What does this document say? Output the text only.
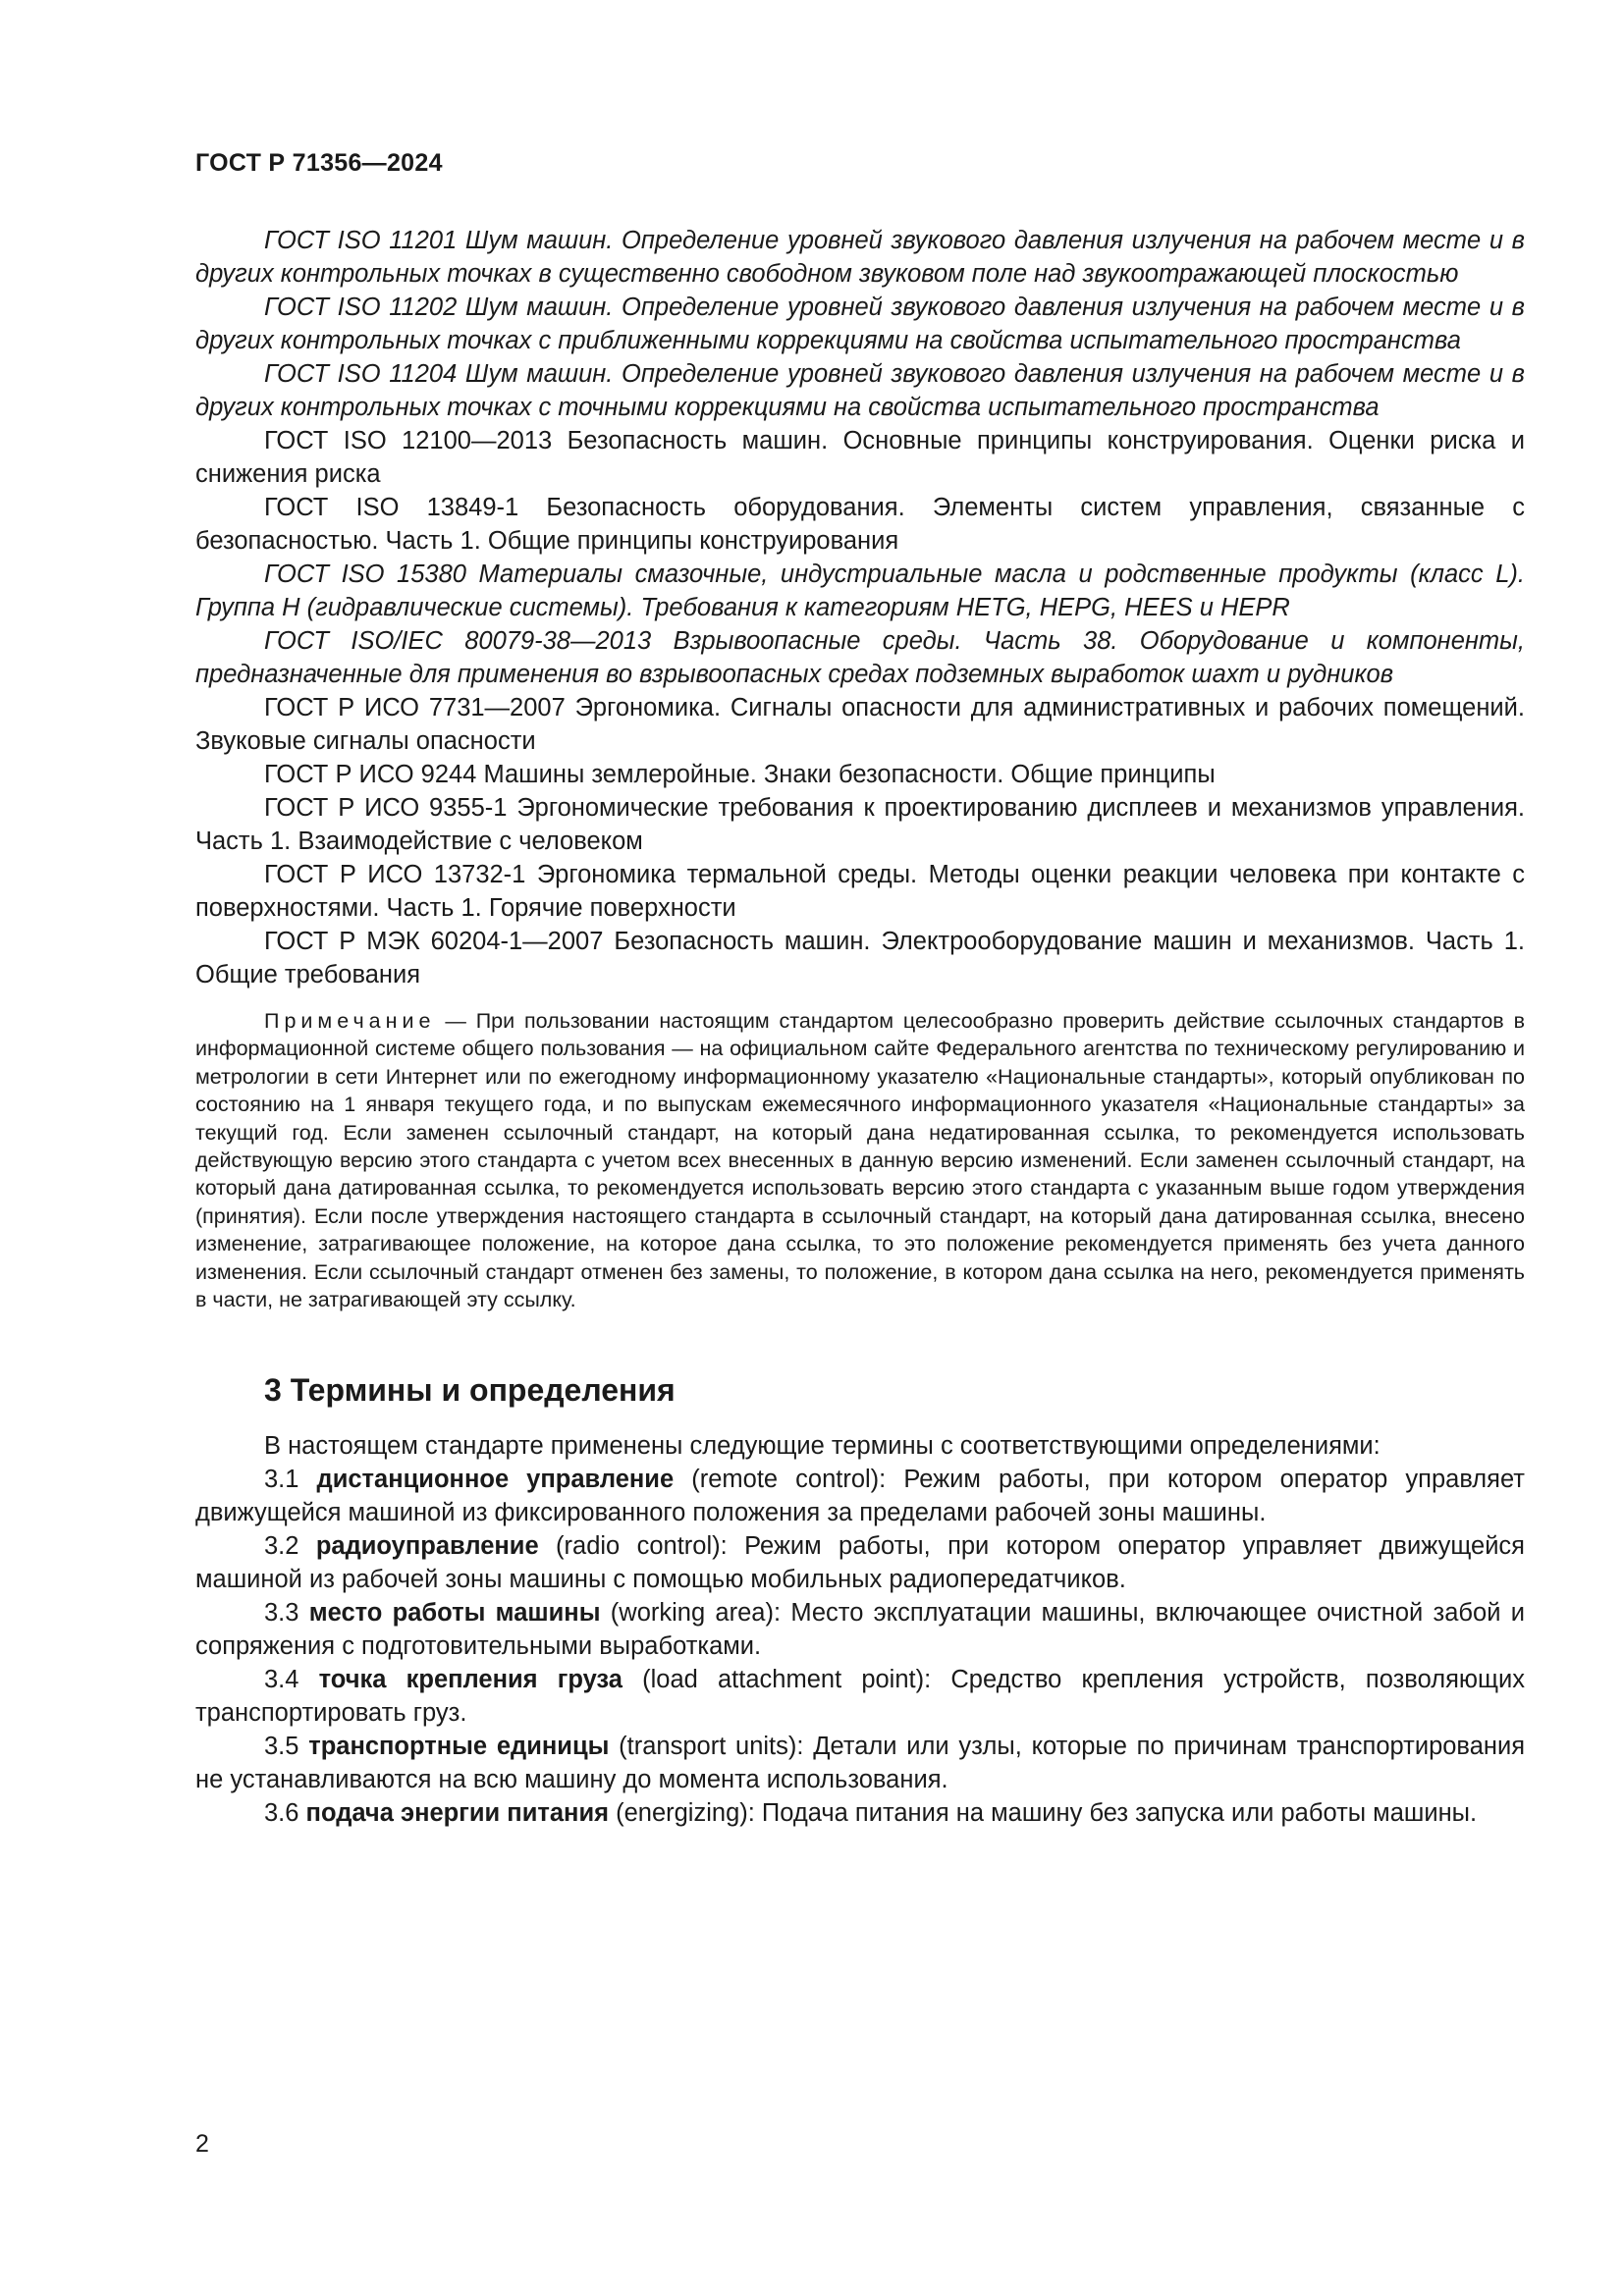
ГОСТ Р 71356—2024

ГОСТ ISO 11201 Шум машин. Определение уровней звукового давления излучения на рабочем месте и в других контрольных точках в существенно свободном звуковом поле над звукоотражающей плоскостью

ГОСТ ISO 11202 Шум машин. Определение уровней звукового давления излучения на рабочем месте и в других контрольных точках с приближенными коррекциями на свойства испытательного пространства

ГОСТ ISO 11204 Шум машин. Определение уровней звукового давления излучения на рабочем месте и в других контрольных точках с точными коррекциями на свойства испытательного пространства

ГОСТ ISO 12100—2013 Безопасность машин. Основные принципы конструирования. Оценки риска и снижения риска

ГОСТ ISO 13849-1 Безопасность оборудования. Элементы систем управления, связанные с безопасностью. Часть 1. Общие принципы конструирования

ГОСТ ISO 15380 Материалы смазочные, индустриальные масла и родственные продукты (класс L). Группа H (гидравлические системы). Требования к категориям HETG, HEPG, HEES и HEPR

ГОСТ ISO/IEC 80079-38—2013 Взрывоопасные среды. Часть 38. Оборудование и компоненты, предназначенные для применения во взрывоопасных средах подземных выработок шахт и рудников

ГОСТ Р ИСО 7731—2007 Эргономика. Сигналы опасности для административных и рабочих помещений. Звуковые сигналы опасности

ГОСТ Р ИСО 9244 Машины землеройные. Знаки безопасности. Общие принципы

ГОСТ Р ИСО 9355-1 Эргономические требования к проектированию дисплеев и механизмов управления. Часть 1. Взаимодействие с человеком

ГОСТ Р ИСО 13732-1 Эргономика термальной среды. Методы оценки реакции человека при контакте с поверхностями. Часть 1. Горячие поверхности

ГОСТ Р МЭК 60204-1—2007 Безопасность машин. Электрооборудование машин и механизмов. Часть 1. Общие требования

Примечание — При пользовании настоящим стандартом целесообразно проверить действие ссылочных стандартов в информационной системе общего пользования — на официальном сайте Федерального агентства по техническому регулированию и метрологии в сети Интернет или по ежегодному информационному указателю «Национальные стандарты», который опубликован по состоянию на 1 января текущего года, и по выпускам ежемесячного информационного указателя «Национальные стандарты» за текущий год. Если заменен ссылочный стандарт, на который дана недатированная ссылка, то рекомендуется использовать действующую версию этого стандарта с учетом всех внесенных в данную версию изменений. Если заменен ссылочный стандарт, на который дана датированная ссылка, то рекомендуется использовать версию этого стандарта с указанным выше годом утверждения (принятия). Если после утверждения настоящего стандарта в ссылочный стандарт, на который дана датированная ссылка, внесено изменение, затрагивающее положение, на которое дана ссылка, то это положение рекомендуется применять без учета данного изменения. Если ссылочный стандарт отменен без замены, то положение, в котором дана ссылка на него, рекомендуется применять в части, не затрагивающей эту ссылку.

3 Термины и определения

В настоящем стандарте применены следующие термины с соответствующими определениями:

3.1 дистанционное управление (remote control): Режим работы, при котором оператор управляет движущейся машиной из фиксированного положения за пределами рабочей зоны машины.

3.2 радиоуправление (radio control): Режим работы, при котором оператор управляет движущейся машиной из рабочей зоны машины с помощью мобильных радиопередатчиков.

3.3 место работы машины (working area): Место эксплуатации машины, включающее очистной забой и сопряжения с подготовительными выработками.

3.4 точка крепления груза (load attachment point): Средство крепления устройств, позволяющих транспортировать груз.

3.5 транспортные единицы (transport units): Детали или узлы, которые по причинам транспортирования не устанавливаются на всю машину до момента использования.

3.6 подача энергии питания (energizing): Подача питания на машину без запуска или работы машины.

2
